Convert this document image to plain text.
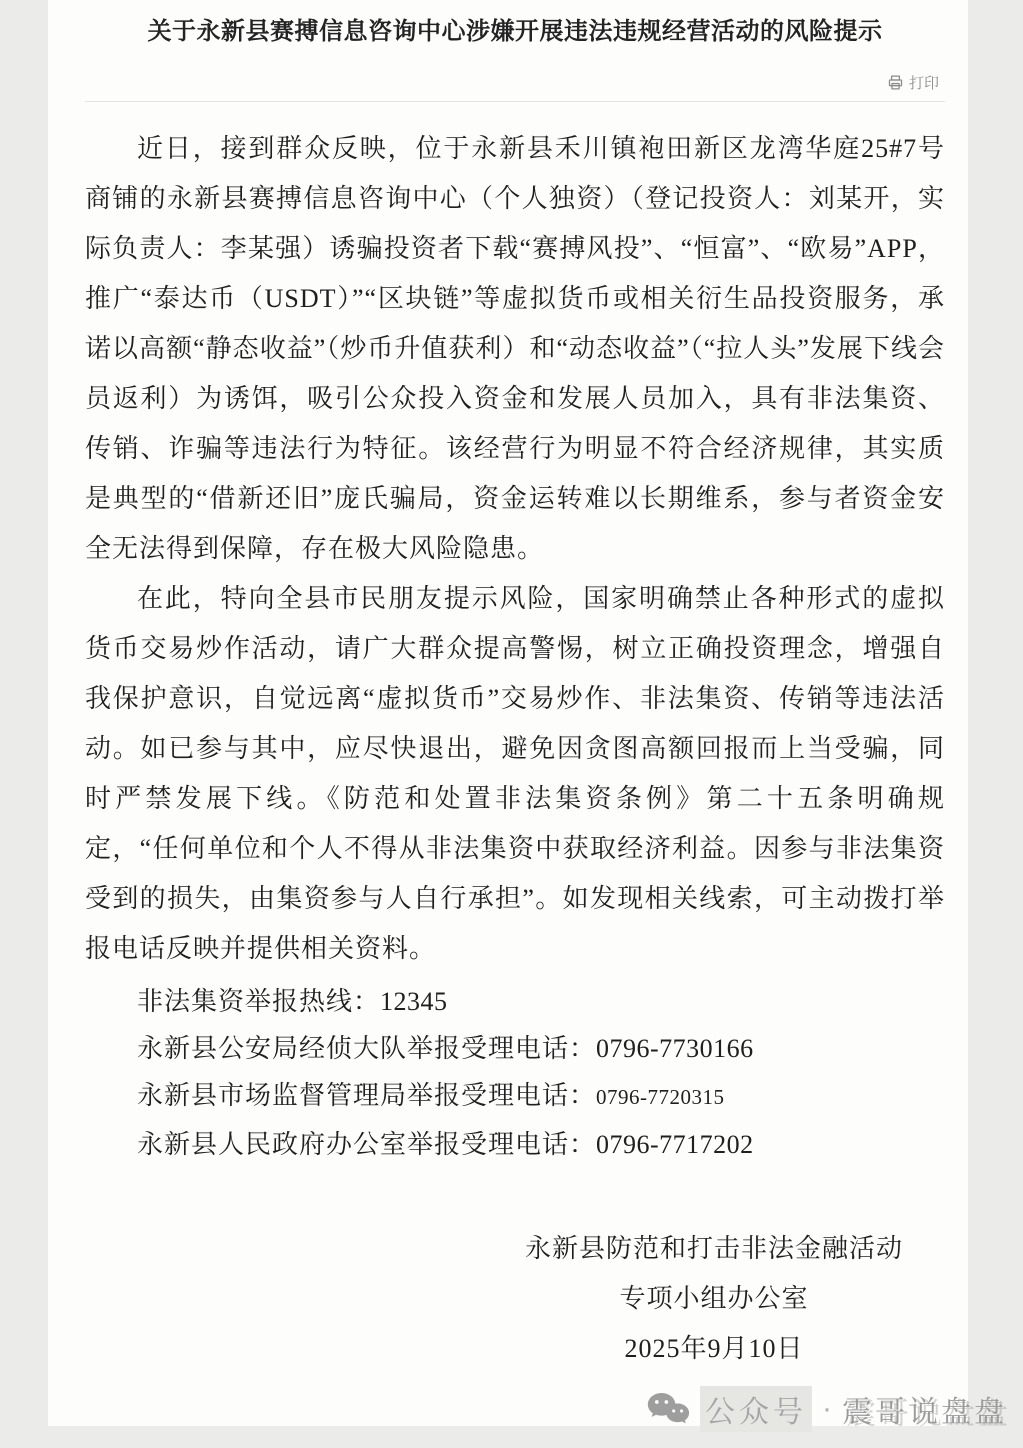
关于永新县赛搏信息咨询中心涉嫌开展违法违规经营活动的风险提示
打印

近日，接到群众反映，位于永新县禾川镇袍田新区龙湾华庭25#7号商铺的永新县赛搏信息咨询中心（个人独资）（登记投资人：刘某开，实际负责人：李某强）诱骗投资者下载“赛搏风投”、“恒富”、“欧易”APP，推广“泰达币（USDT）”“区块链”等虚拟货币或相关衍生品投资服务，承诺以高额“静态收益”（炒币升值获利）和“动态收益”（“拉人头”发展下线会员返利）为诱饵，吸引公众投入资金和发展人员加入，具有非法集资、传销、诈骗等违法行为特征。该经营行为明显不符合经济规律，其实质是典型的“借新还旧”庞氏骗局，资金运转难以长期维系，参与者资金安全无法得到保障，存在极大风险隐患。

在此，特向全县市民朋友提示风险，国家明确禁止各种形式的虚拟货币交易炒作活动，请广大群众提高警惕，树立正确投资理念，增强自我保护意识，自觉远离“虚拟货币”交易炒作、非法集资、传销等违法活动。如已参与其中，应尽快退出，避免因贪图高额回报而上当受骗，同时严禁发展下线。《防范和处置非法集资条例》第二十五条明确规定，“任何单位和个人不得从非法集资中获取经济利益。因参与非法集资受到的损失，由集资参与人自行承担”。如发现相关线索，可主动拨打举报电话反映并提供相关资料。

非法集资举报热线：12345
永新县公安局经侦大队举报受理电话：0796-7730166
永新县市场监督管理局举报受理电话：0796-7720315
永新县人民政府办公室举报受理电话：0796-7717202
永新县防范和打击非法金融活动
专项小组办公室
2025年9月10日
公众号 · 震哥说盘盘
